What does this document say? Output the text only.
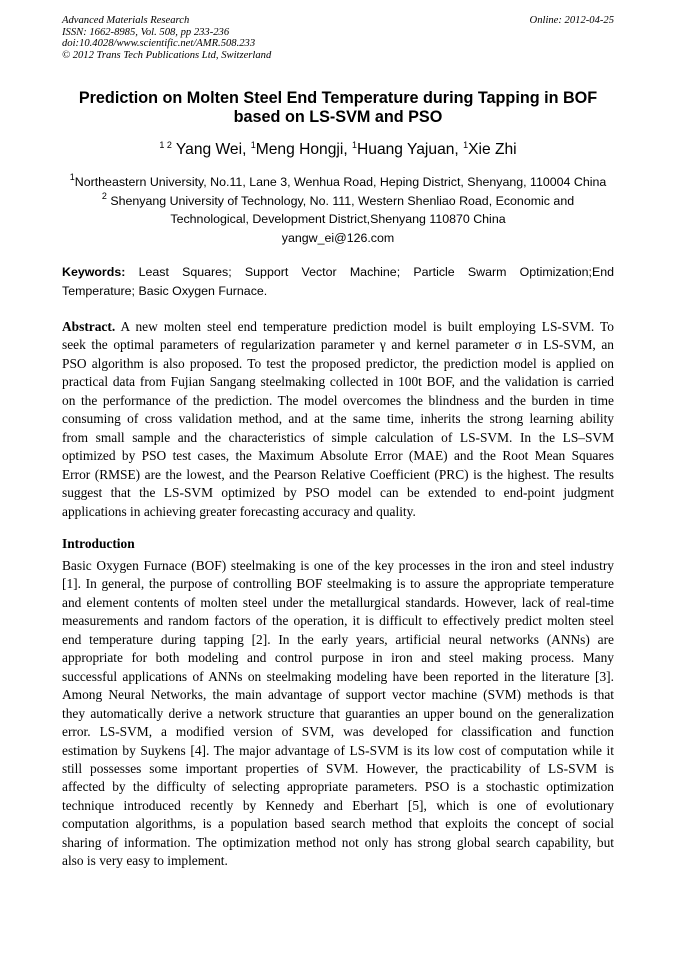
Advanced Materials Research
ISSN: 1662-8985, Vol. 508, pp 233-236
doi:10.4028/www.scientific.net/AMR.508.233
© 2012 Trans Tech Publications Ltd, Switzerland
Online: 2012-04-25
Prediction on Molten Steel End Temperature during Tapping in BOF
based on LS-SVM and PSO
$^{1 2}$ Yang Wei, $^1$Meng Hongji, $^1$Huang Yajuan, $^1$Xie Zhi
$^1$Northeastern University, No.11, Lane 3, Wenhua Road, Heping District, Shenyang, 110004 China
$^2$ Shenyang University of Technology, No. 111, Western Shenliao Road, Economic and
Technological, Development District,Shenyang 110870 China
yangw_ei@126.com
Keywords: Least Squares; Support Vector Machine; Particle Swarm Optimization;End
Temperature; Basic Oxygen Furnace.
Abstract. A new molten steel end temperature prediction model is built employing LS-SVM. To
seek the optimal parameters of regularization parameter γ and kernel parameter σ in LS-SVM, an
PSO algorithm is also proposed. To test the proposed predictor, the prediction model is applied on
practical data from Fujian Sangang steelmaking collected in 100t BOF, and the validation is carried
on the performance of the prediction. The model overcomes the blindness and the burden in time
consuming of cross validation method, and at the same time, inherits the strong learning ability
from small sample and the characteristics of simple calculation of LS-SVM. In the LS–SVM
optimized by PSO test cases, the Maximum Absolute Error (MAE) and the Root Mean Squares
Error (RMSE) are the lowest, and the Pearson Relative Coefficient (PRC) is the highest. The results
suggest that the LS-SVM optimized by PSO model can be extended to end-point judgment
applications in achieving greater forecasting accuracy and quality.
Introduction
Basic Oxygen Furnace (BOF) steelmaking is one of the key processes in the iron and steel industry
[1]. In general, the purpose of controlling BOF steelmaking is to assure the appropriate temperature
and element contents of molten steel under the metallurgical standards. However, lack of real-time
measurements and random factors of the operation, it is difficult to effectively predict molten steel
end temperature during tapping [2]. In the early years, artificial neural networks (ANNs) are
appropriate for both modeling and control purpose in iron and steel making process. Many
successful applications of ANNs on steelmaking modeling have been reported in the literature [3].
Among Neural Networks, the main advantage of support vector machine (SVM) methods is that
they automatically derive a network structure that guaranties an upper bound on the generalization
error. LS-SVM, a modified version of SVM, was developed for classification and function
estimation by Suykens [4]. The major advantage of LS-SVM is its low cost of computation while it
still possesses some important properties of SVM. However, the practicability of LS-SVM is
affected by the difficulty of selecting appropriate parameters. PSO is a stochastic optimization
technique introduced recently by Kennedy and Eberhart [5], which is one of evolutionary
computation algorithms, is a population based search method that exploits the concept of social
sharing of information. The optimization method not only has strong global search capability, but
also is very easy to implement.
